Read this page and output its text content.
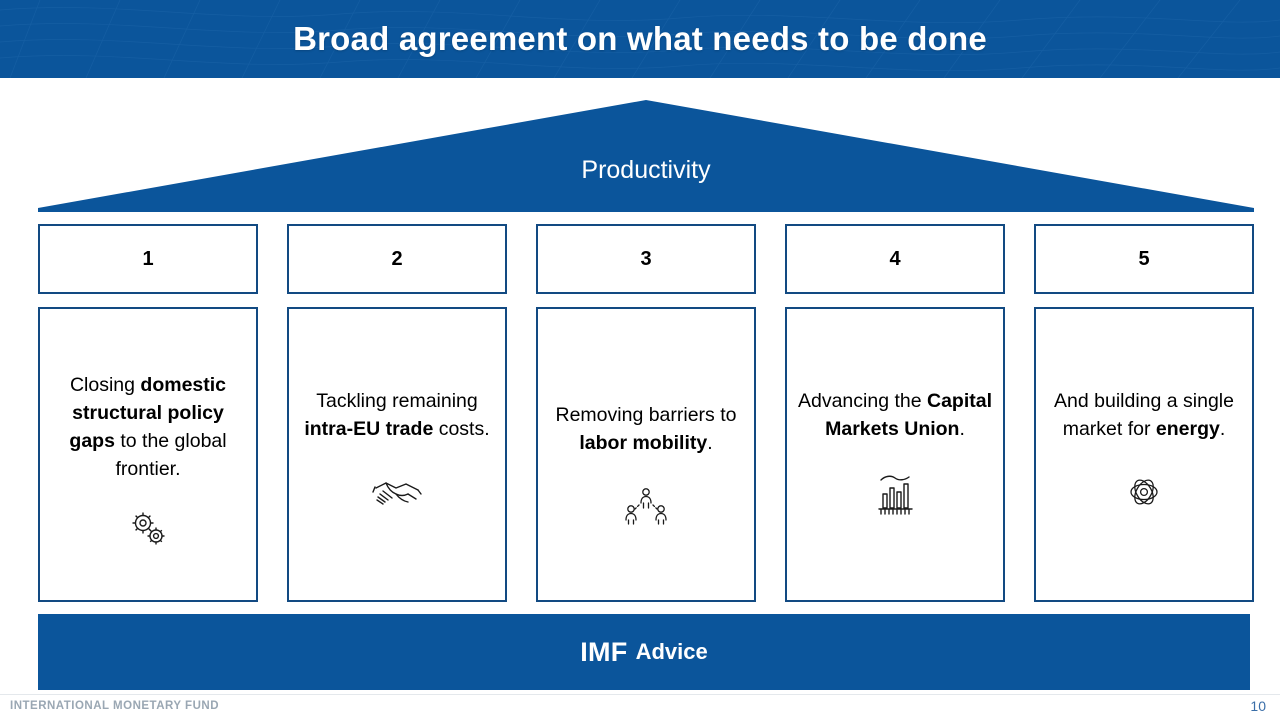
Broad agreement on what needs to be done
Productivity
1
Closing domestic structural policy gaps to the global frontier.
2
Tackling remaining intra-EU trade costs.
3
Removing barriers to labor mobility.
4
Advancing the Capital Markets Union.
5
And building a single market for energy.
IMF Advice
INTERNATIONAL MONETARY FUND	10
